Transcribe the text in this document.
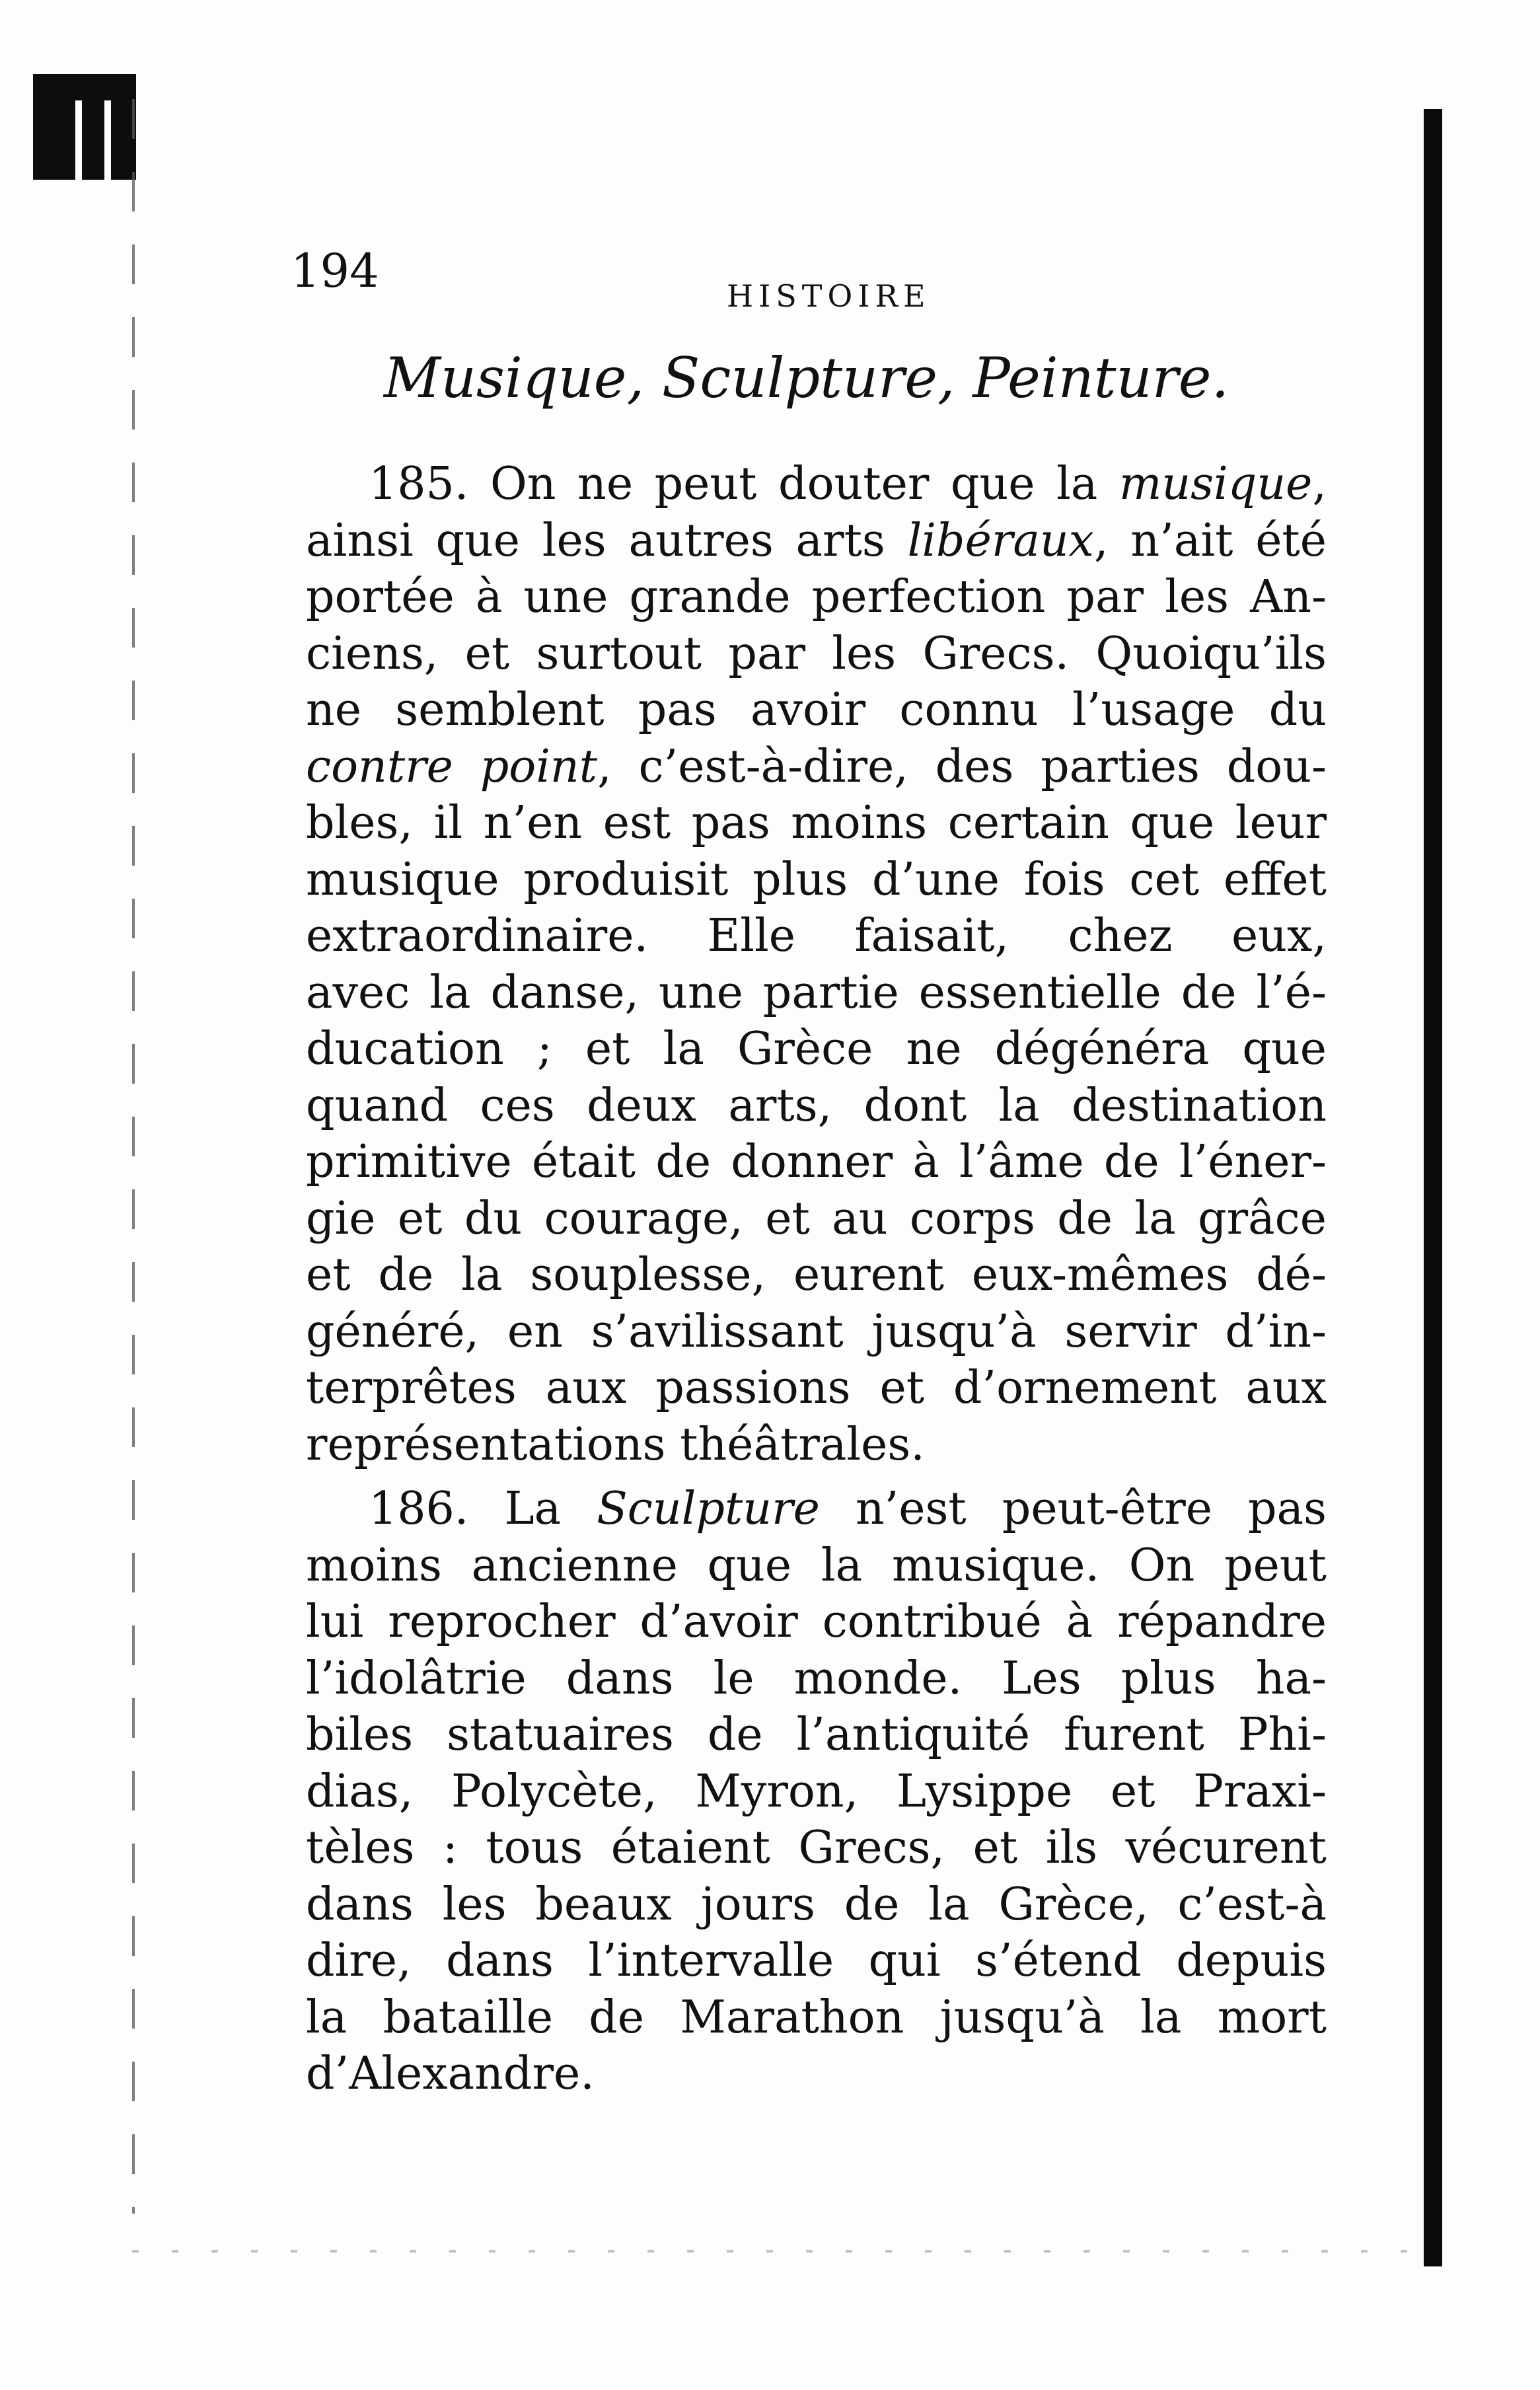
194	HISTOIRE
Musique, Sculpture, Peinture.
185. On ne peut douter que la musique,
ainsi que les autres arts libéraux, n’ait été
portée à une grande perfection par les An-
ciens, et surtout par les Grecs. Quoiqu’ils
ne semblent pas avoir connu l’usage du
contre point, c’est-à-dire, des parties dou-
bles, il n’en est pas moins certain que leur
musique produisit plus d’une fois cet effet
extraordinaire. Elle faisait, chez eux,
avec la danse, une partie essentielle de l’é-
ducation ; et la Grèce ne dégénéra que
quand ces deux arts, dont la destination
primitive était de donner à l’âme de l’éner-
gie et du courage, et au corps de la grâce
et de la souplesse, eurent eux-mêmes dé-
généré, en s’avilissant jusqu’à servir d’in-
terprêtes aux passions et d’ornement aux
représentations théâtrales.
186. La Sculpture n’est peut-être pas
moins ancienne que la musique. On peut
lui reprocher d’avoir contribué à répandre
l’idolâtrie dans le monde. Les plus ha-
biles statuaires de l’antiquité furent Phi-
dias, Polycète, Myron, Lysippe et Praxi-
tèles : tous étaient Grecs, et ils vécurent
dans les beaux jours de la Grèce, c’est-à
dire, dans l’intervalle qui s’étend depuis
la bataille de Marathon jusqu’à la mort
d’Alexandre.
